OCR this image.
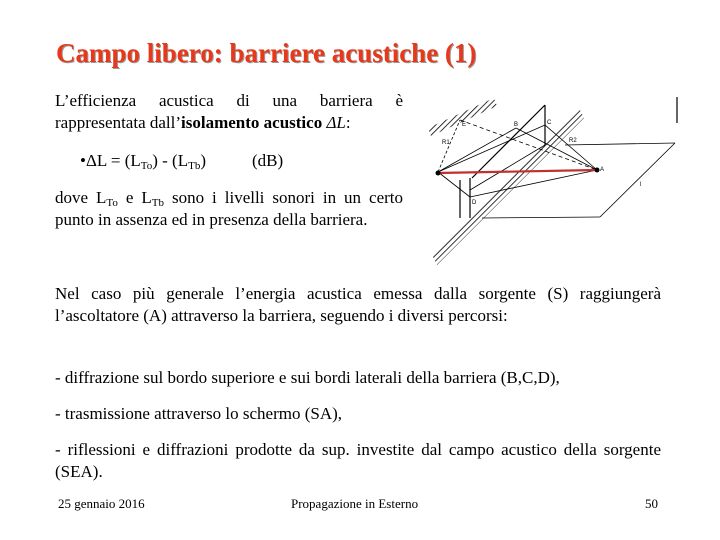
Campo libero: barriere acustiche (1)
L’efficienza acustica di una barriera è rappresentata dall’isolamento acustico ΔL:
•ΔL = $(L_{To}) - (L_{Tb})$	(dB)
dove $L_{To}$ e $L_{Tb}$ sono i livelli sonori in un certo punto in assenza ed in presenza della barriera.
Nel caso più generale l’energia acustica emessa dalla sorgente (S) raggiungerà l’ascoltatore (A) attraverso la barriera, seguendo i diversi percorsi:
- diffrazione sul bordo superiore e sui bordi laterali della barriera (B,C,D),
- trasmissione attraverso lo schermo (SA),
- riflessioni e diffrazioni prodotte da sup. investite dal campo acustico della sorgente (SEA).
25 gennaio 2016	Propagazione in Esterno	50
E	B	C
R1	R2
D
A
l
